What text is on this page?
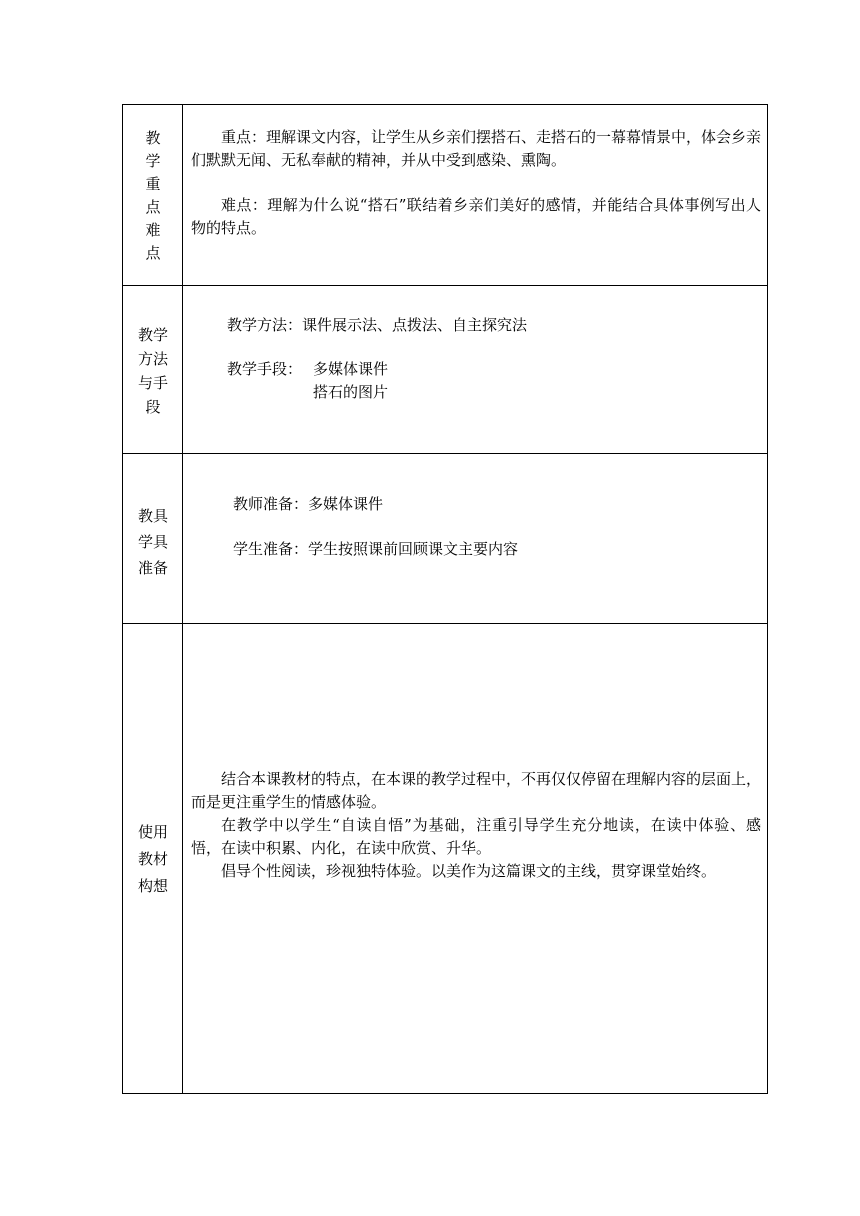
教
学
重
点
难
点
重点：理解课文内容，让学生从乡亲们摆搭石、走搭石的一幕幕情景中，体会乡亲们默默无闻、无私奉献的精神，并从中受到感染、熏陶。
难点：理解为什么说“搭石”联结着乡亲们美好的感情，并能结合具体事例写出人物的特点。
教学
方法
与手
段
教学方法：课件展示法、点拨法、自主探究法
教学手段： 多媒体课件
搭石的图片
教具
学具
准备
教师准备：多媒体课件
学生准备：学生按照课前回顾课文主要内容
使用
教材
构想
结合本课教材的特点，在本课的教学过程中，不再仅仅停留在理解内容的层面上，而是更注重学生的情感体验。
在教学中以学生“自读自悟”为基础，注重引导学生充分地读，在读中体验、感悟，在读中积累、内化，在读中欣赏、升华。
倡导个性阅读，珍视独特体验。以美作为这篇课文的主线，贯穿课堂始终。
